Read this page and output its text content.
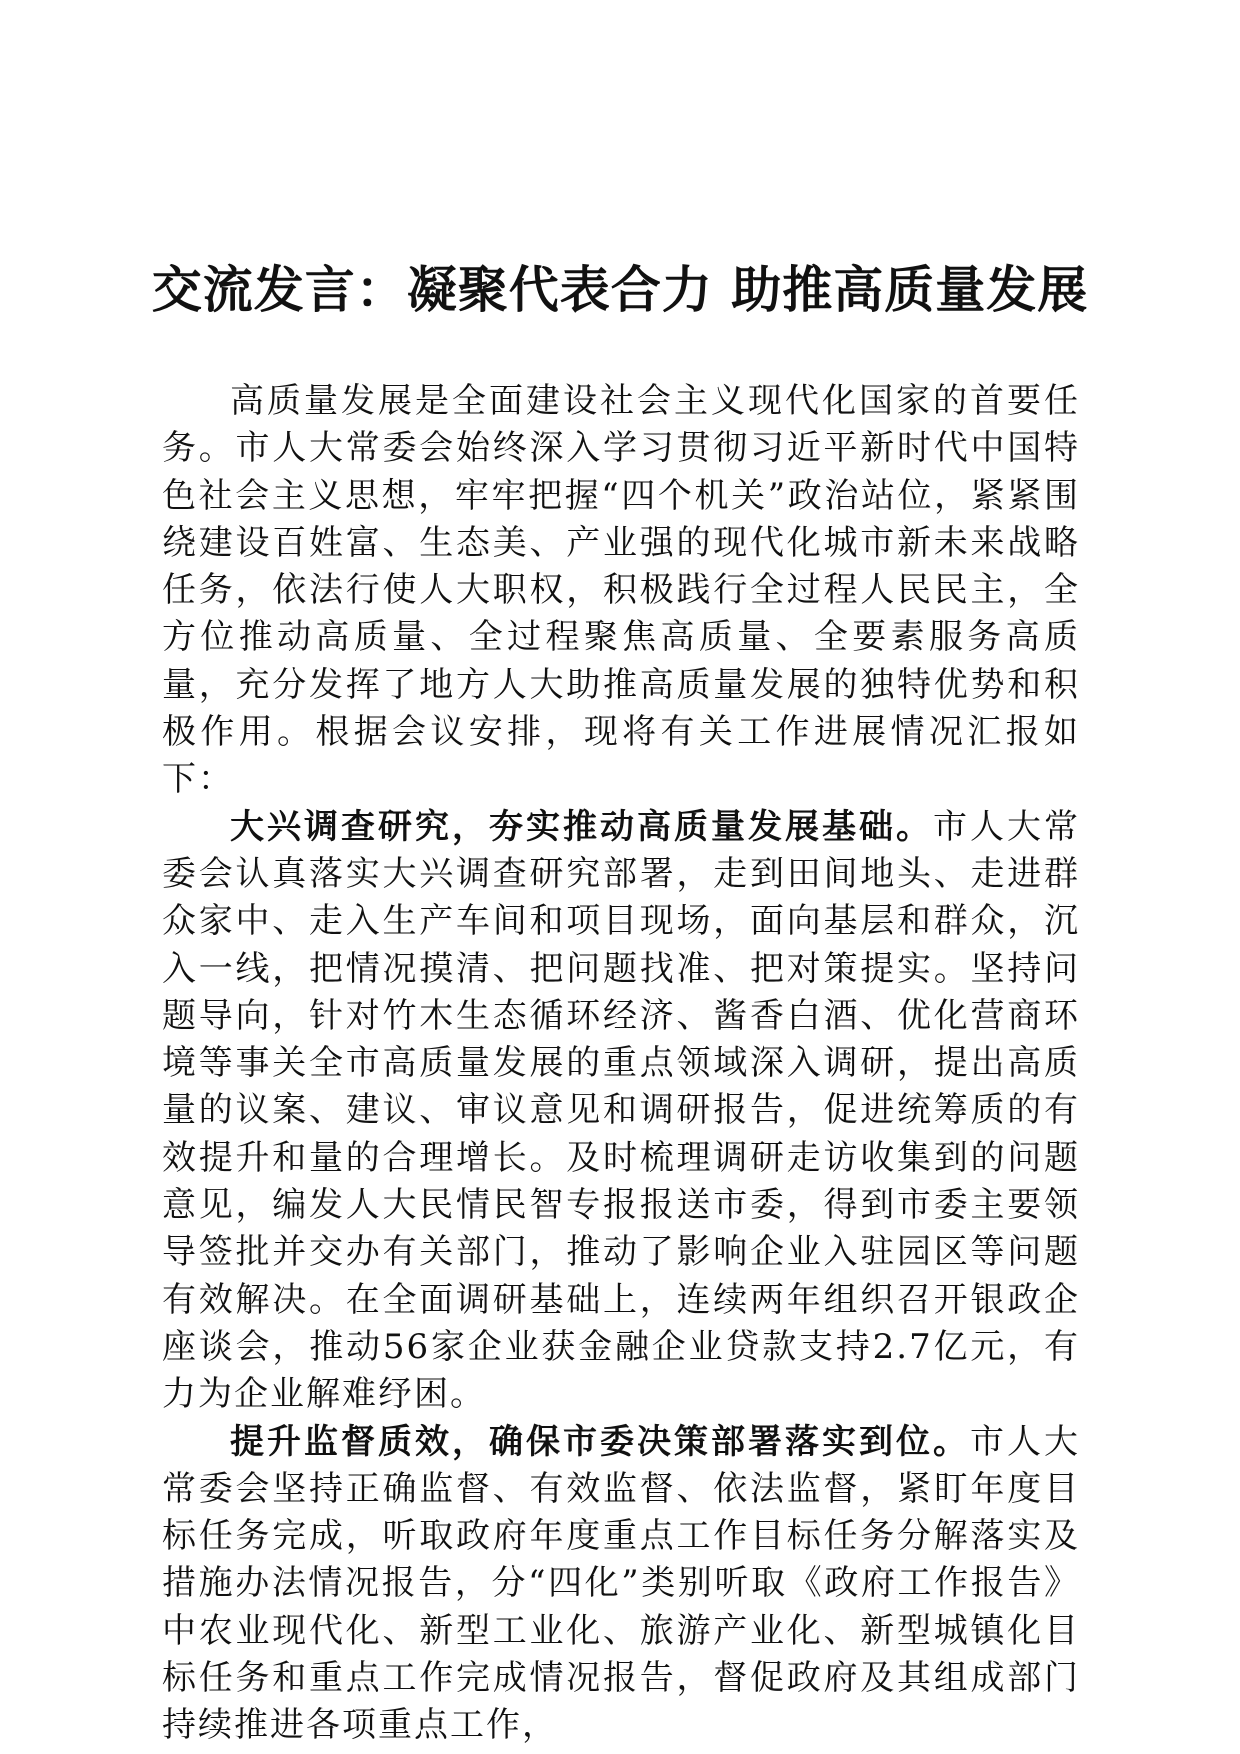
交流发言：凝聚代表合力 助推高质量发展

高质量发展是全面建设社会主义现代化国家的首要任务。市人大常委会始终深入学习贯彻习近平新时代中国特色社会主义思想，牢牢把握“四个机关”政治站位，紧紧围绕建设百姓富、生态美、产业强的现代化城市新未来战略任务，依法行使人大职权，积极践行全过程人民民主，全方位推动高质量、全过程聚焦高质量、全要素服务高质量，充分发挥了地方人大助推高质量发展的独特优势和积极作用。根据会议安排，现将有关工作进展情况汇报如下：

大兴调查研究，夯实推动高质量发展基础。市人大常委会认真落实大兴调查研究部署，走到田间地头、走进群众家中、走入生产车间和项目现场，面向基层和群众，沉入一线，把情况摸清、把问题找准、把对策提实。坚持问题导向，针对竹木生态循环经济、酱香白酒、优化营商环境等事关全市高质量发展的重点领域深入调研，提出高质量的议案、建议、审议意见和调研报告，促进统筹质的有效提升和量的合理增长。及时梳理调研走访收集到的问题意见，编发人大民情民智专报报送市委，得到市委主要领导签批并交办有关部门，推动了影响企业入驻园区等问题有效解决。在全面调研基础上，连续两年组织召开银政企座谈会，推动56家企业获金融企业贷款支持2.7亿元，有力为企业解难纾困。

提升监督质效，确保市委决策部署落实到位。市人大常委会坚持正确监督、有效监督、依法监督，紧盯年度目标任务完成，听取政府年度重点工作目标任务分解落实及措施办法情况报告，分“四化”类别听取《政府工作报告》中农业现代化、新型工业化、旅游产业化、新型城镇化目标任务和重点工作完成情况报告，督促政府及其组成部门持续推进各项重点工作，
